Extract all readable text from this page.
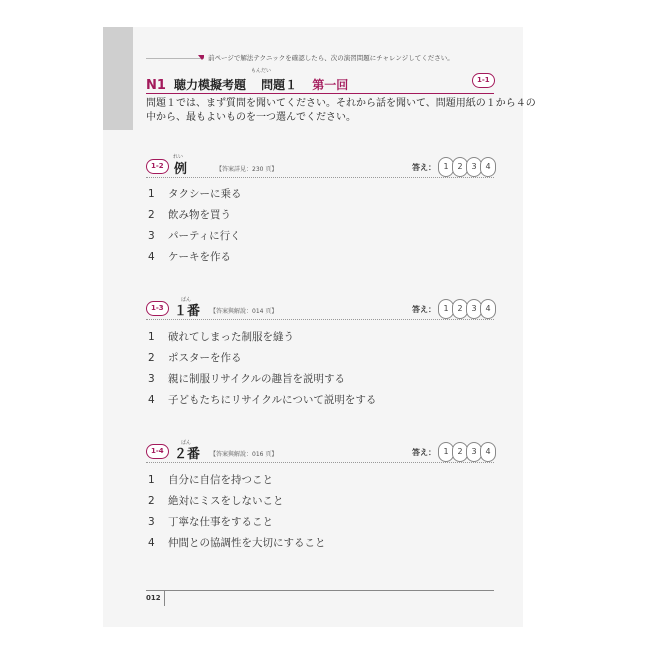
前ページで解法テクニックを確認したら、次の演習問題にチャレンジしてください。
もんだい
N1 聴力模擬考題 問題１ 第一回	1-1
問題１では、まず質問を聞いてください。それから話を聞いて、問題用紙の１から４の
中から、最もよいものを一つ選んでください。
れい
1-2 例	【答案詳見：230 頁】	答え： 1	2	3	4
1 タクシーに乗る
2 飲み物を買う
3 パーティに行く
4 ケーキを作る
ばん
1-3 １番 【答案與解說：014 頁】	答え： 1	2	3	4
1 破れてしまった制服を縫う
2 ポスターを作る
3 親に制服リサイクルの趣旨を説明する
4 子どもたちにリサイクルについて説明をする
ばん
1-4 ２番 【答案與解說：016 頁】	答え： 1	2	3	4
1 自分に自信を持つこと
2 絶対にミスをしないこと
3 丁寧な仕事をすること
4 仲間との協調性を大切にすること
012
